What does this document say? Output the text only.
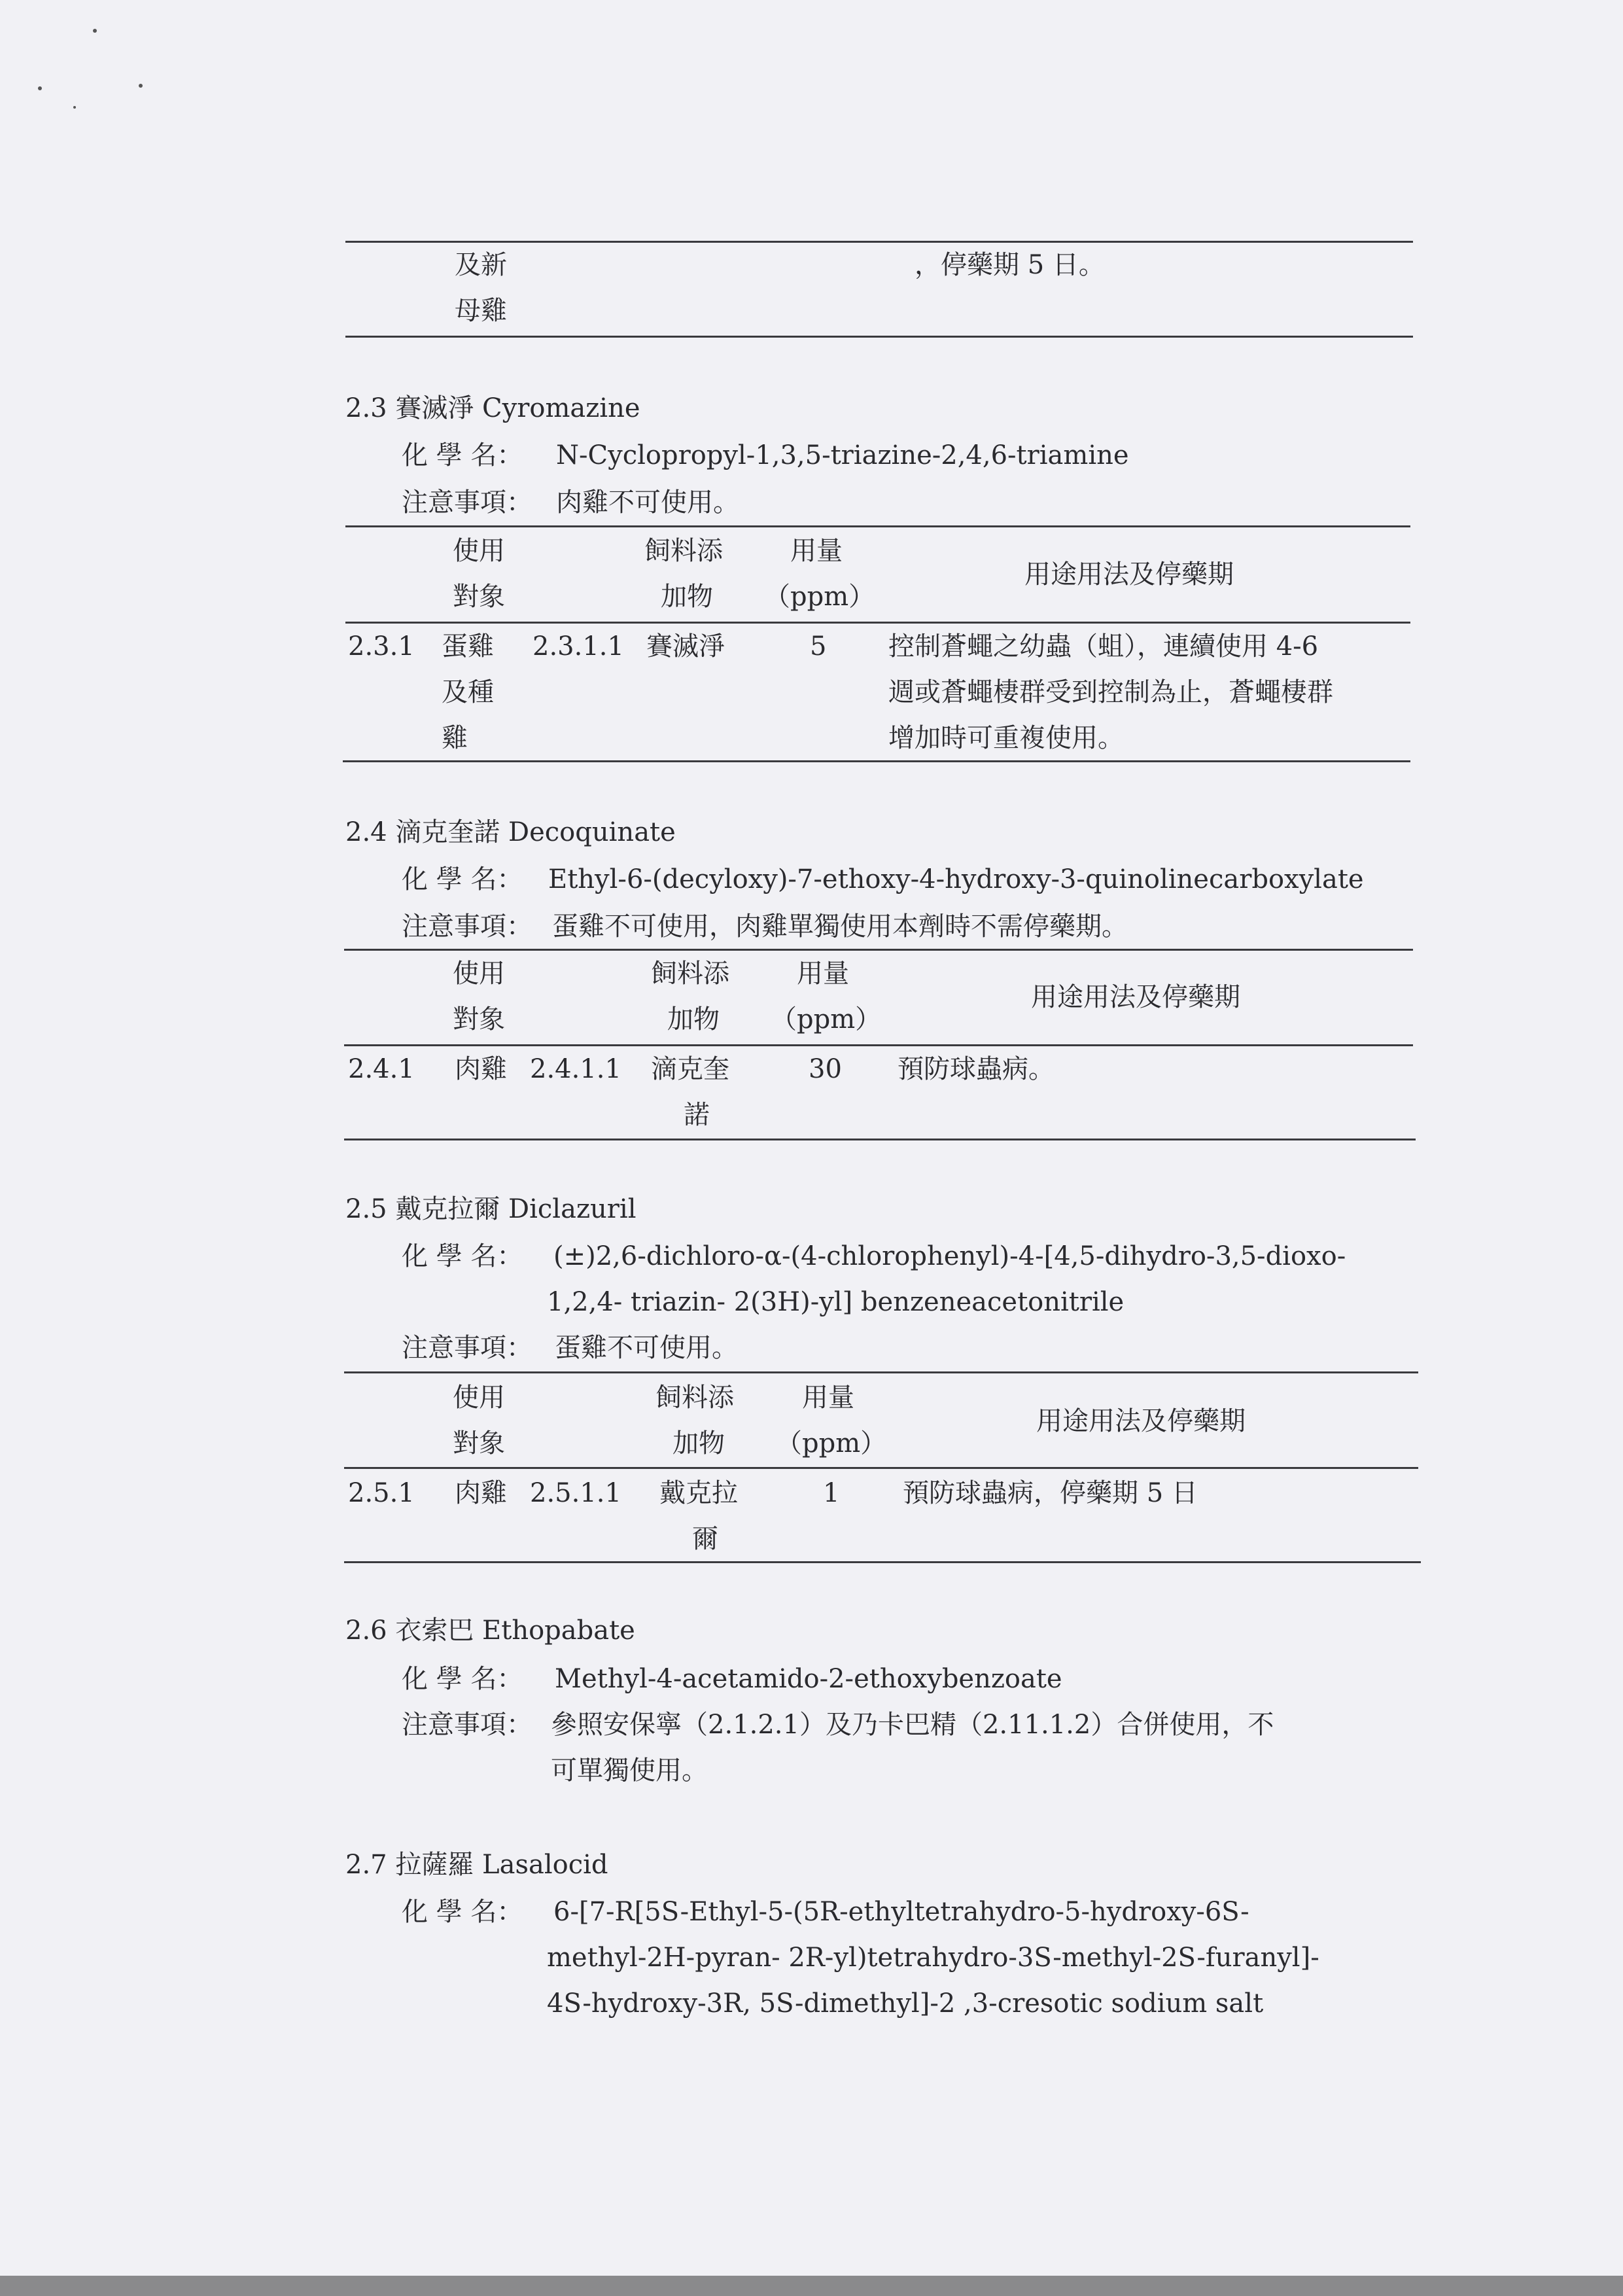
及新
母雞
，停藥期 5 日。
2.3 賽滅淨 Cyromazine
化 學 名： N-Cyclopropyl-1,3,5-triazine-2,4,6-triamine
注意事項： 肉雞不可使用。
使用
對象
飼料添
加物
用量
（ppm）
用途用法及停藥期
2.3.1 蛋雞
及種
雞
2.3.1.1 賽滅淨	5 控制蒼蠅之幼蟲（蛆），連續使用 4-6
週或蒼蠅棲群受到控制為止，蒼蠅棲群
增加時可重複使用。
2.4 滴克奎諾 Decoquinate
化 學 名： Ethyl-6-(decyloxy)-7-ethoxy-4-hydroxy-3-quinolinecarboxylate
注意事項： 蛋雞不可使用，肉雞單獨使用本劑時不需停藥期。
使用
對象
飼料添
加物
用量
（ppm）
用途用法及停藥期
2.4.1 肉雞 2.4.1.1 滴克奎
諾
30 預防球蟲病。
2.5 戴克拉爾 Diclazuril
化 學 名： (±)2,6-dichloro-α-(4-chlorophenyl)-4-[4,5-dihydro-3,5-dioxo-
1,2,4- triazin- 2(3H)-yl] benzeneacetonitrile
注意事項： 蛋雞不可使用。
使用
對象
飼料添
加物
用量
（ppm）
用途用法及停藥期
2.5.1 肉雞 2.5.1.1 戴克拉
爾
1 預防球蟲病，停藥期 5 日
2.6 衣索巴 Ethopabate
化 學 名： Methyl-4-acetamido-2-ethoxybenzoate
注意事項： 參照安保寧（2.1.2.1）及乃卡巴精（2.11.1.2）合併使用，不
可單獨使用。
2.7 拉薩羅 Lasalocid
化 學 名： 6-[7-R[5S-Ethyl-5-(5R-ethyltetrahydro-5-hydroxy-6S-
methyl-2H-pyran- 2R-yl)tetrahydro-3S-methyl-2S-furanyl]-
4S-hydroxy-3R, 5S-dimethyl]-2 ,3-cresotic sodium salt
